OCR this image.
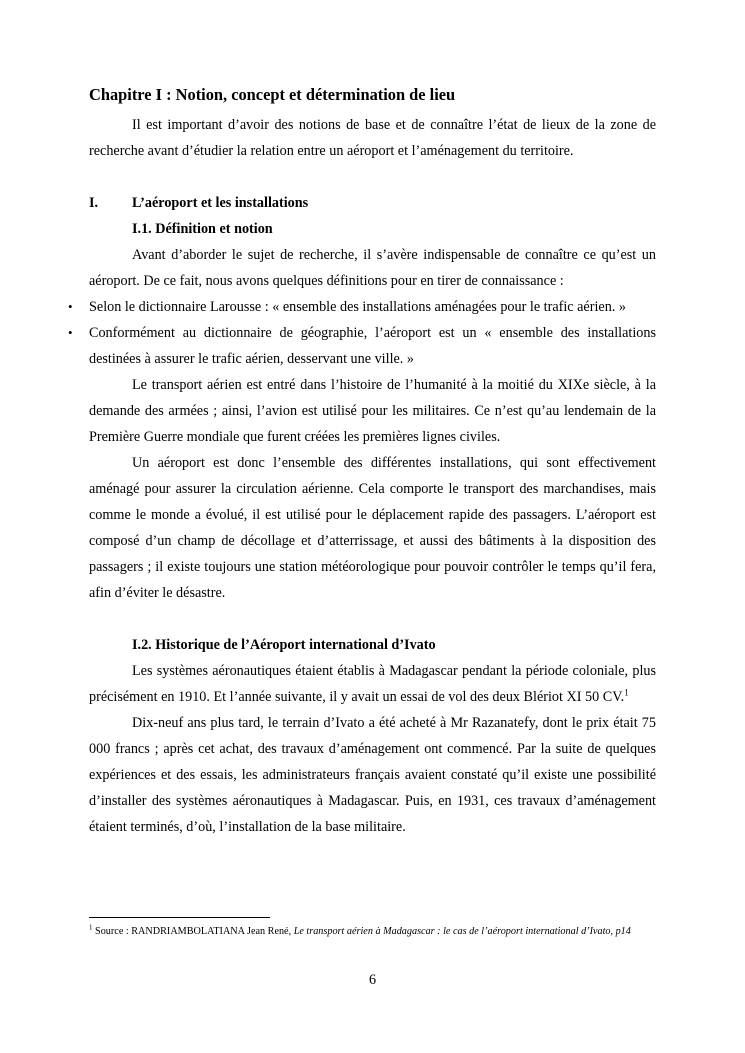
Chapitre I : Notion, concept et détermination de lieu

Il est important d’avoir des notions de base et de connaître l’état de lieux de la zone de recherche avant d’étudier la relation entre un aéroport et l’aménagement du territoire.

I.	L’aéroport et les installations
I.1. Définition et notion

Avant d’aborder le sujet de recherche, il s’avère indispensable de connaître ce qu’est un aéroport. De ce fait, nous avons quelques définitions pour en tirer de connaissance :

• Selon le dictionnaire Larousse : « ensemble des installations aménagées pour le trafic aérien. »
• Conformément au dictionnaire de géographie, l’aéroport est un « ensemble des installations destinées à assurer le trafic aérien, desservant une ville. »

Le transport aérien est entré dans l’histoire de l’humanité à la moitié du XIXe siècle, à la demande des armées ; ainsi, l’avion est utilisé pour les militaires. Ce n’est qu’au lendemain de la Première Guerre mondiale que furent créées les premières lignes civiles.

Un aéroport est donc l’ensemble des différentes installations, qui sont effectivement aménagé pour assurer la circulation aérienne. Cela comporte le transport des marchandises, mais comme le monde a évolué, il est utilisé pour le déplacement rapide des passagers. L’aéroport est composé d’un champ de décollage et d’atterrissage, et aussi des bâtiments à la disposition des passagers ; il existe toujours une station météorologique pour pouvoir contrôler le temps qu’il fera, afin d’éviter le désastre.

I.2. Historique de l’Aéroport international d’Ivato

Les systèmes aéronautiques étaient établis à Madagascar pendant la période coloniale, plus précisément en 1910. Et l’année suivante, il y avait un essai de vol des deux Blériot XI 50 CV.$^1$

Dix-neuf ans plus tard, le terrain d’Ivato a été acheté à Mr Razanatefy, dont le prix était 75 000 francs ; après cet achat, des travaux d’aménagement ont commencé. Par la suite de quelques expériences et des essais, les administrateurs français avaient constaté qu’il existe une possibilité d’installer des systèmes aéronautiques à Madagascar. Puis, en 1931, ces travaux d’aménagement étaient terminés, d’où, l’installation de la base militaire.

$^1$ Source : RANDRIAMBOLATIANA Jean René, Le transport aérien à Madagascar : le cas de l’aéroport international d’Ivato, p14
6
